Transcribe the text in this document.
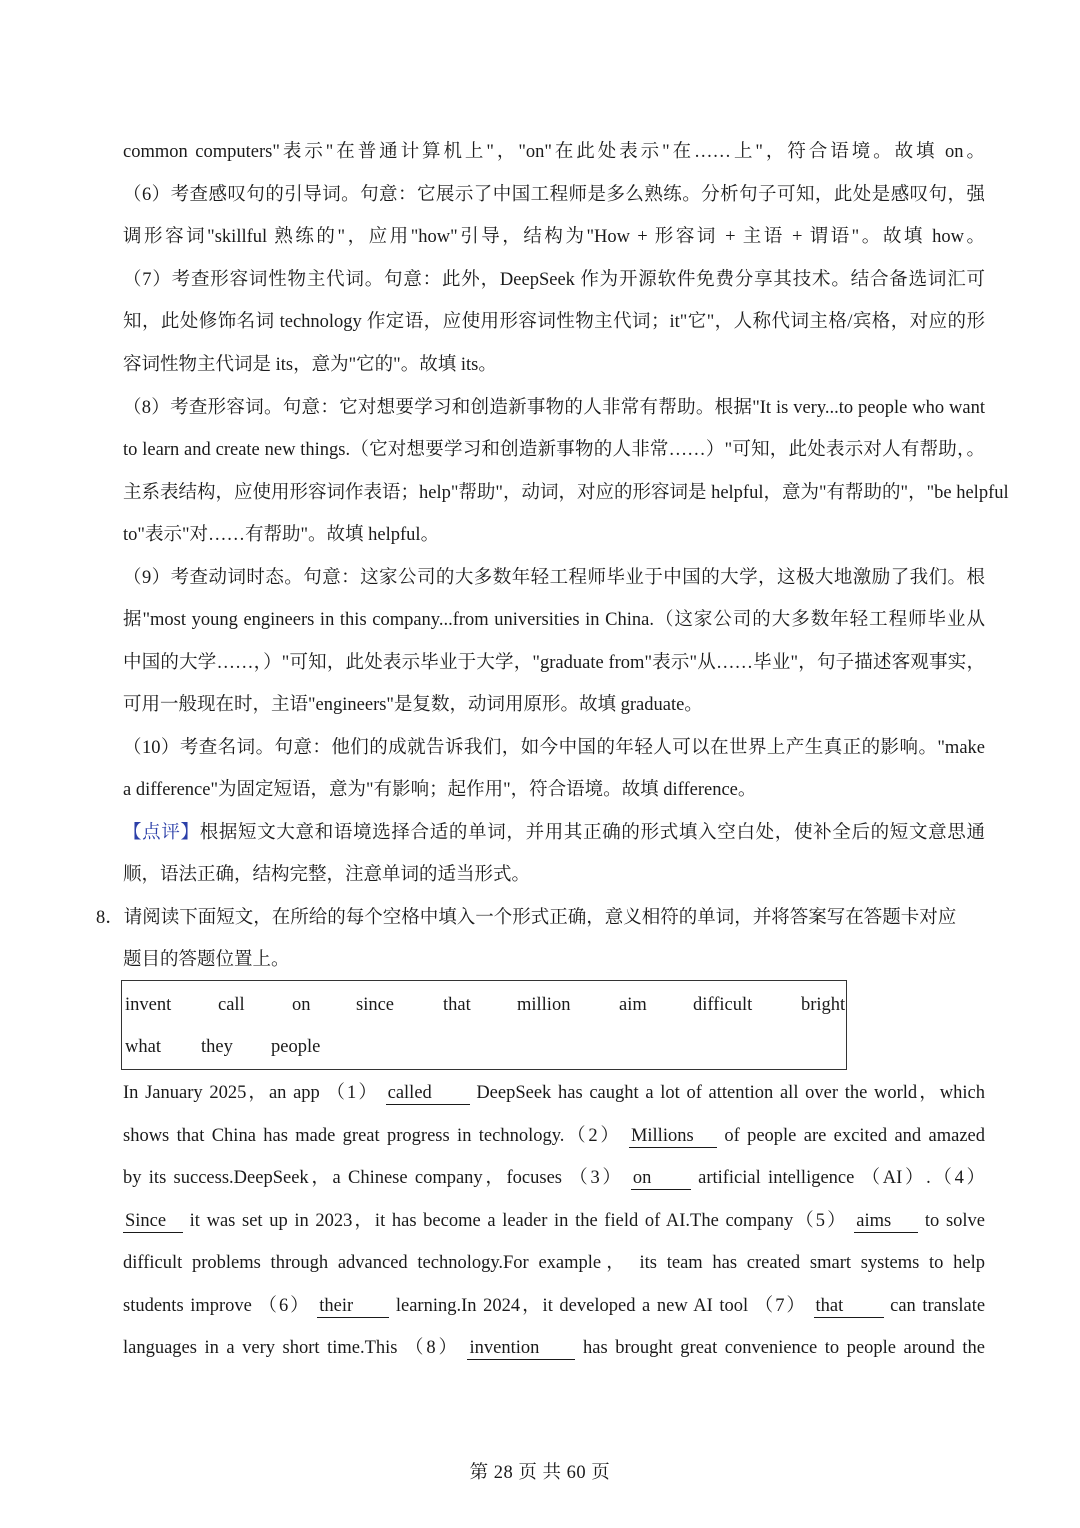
common computers"表示"在普通计算机上"，"on"在此处表示"在……上"，符合语境。故填 on。
（6）考查感叹句的引导词。句意：它展示了中国工程师是多么熟练。分析句子可知，此处是感叹句，强
调形容词"skillful 熟练的"，应用"how"引导，结构为"How + 形容词 + 主语 + 谓语"。故填 how。
（7）考查形容词性物主代词。句意：此外，DeepSeek 作为开源软件免费分享其技术。结合备选词汇可
知，此处修饰名词 technology 作定语，应使用形容词性物主代词；it"它"，人称代词主格/宾格，对应的形
容词性物主代词是 its，意为"它的"。故填 its。
（8）考查形容词。句意：它对想要学习和创造新事物的人非常有帮助。根据"It is very...to people who want
to learn and create new things.（它对想要学习和创造新事物的人非常……）"可知，此处表示对人有帮助，。
主系表结构，应使用形容词作表语；help"帮助"，动词，对应的形容词是 helpful，意为"有帮助的"，"be helpful
to"表示"对……有帮助"。故填 helpful。
（9）考查动词时态。句意：这家公司的大多数年轻工程师毕业于中国的大学，这极大地激励了我们。根
据"most young engineers in this company...from universities in China.（这家公司的大多数年轻工程师毕业从
中国的大学……，）"可知，此处表示毕业于大学，"graduate from"表示"从……毕业"，句子描述客观事实，
可用一般现在时，主语"engineers"是复数，动词用原形。故填 graduate。
（10）考查名词。句意：他们的成就告诉我们，如今中国的年轻人可以在世界上产生真正的影响。"make
a difference"为固定短语，意为"有影响；起作用"，符合语境。故填 difference。
【点评】根据短文大意和语境选择合适的单词，并用其正确的形式填入空白处，使补全后的短文意思通
顺，语法正确，结构完整，注意单词的适当形式。
8．请阅读下面短文，在所给的每个空格中填入一个形式正确，意义相符的单词，并将答案写在答题卡对应
题目的答题位置上。
invent	call	on since	that	million	aim	difficult	bright
what they people
In January 2025，an app （1） called DeepSeek has caught a lot of attention all over the world，which
shows that China has made great progress in technology.（2） Millions of people are excited and amazed
by its success.DeepSeek，a Chinese company，focuses （3） on	artificial intelligence （AI）.（4）
Since it was set up in 2023，it has become a leader in the field of AI.The company（5） aims to solve
difficult problems through advanced technology.For example， its team has created smart systems to help
students improve （6） their learning.In 2024，it developed a new AI tool （7） that	can translate
languages in a very short time.This （8） invention has brought great convenience to people around the
第 28 页 共 60 页
